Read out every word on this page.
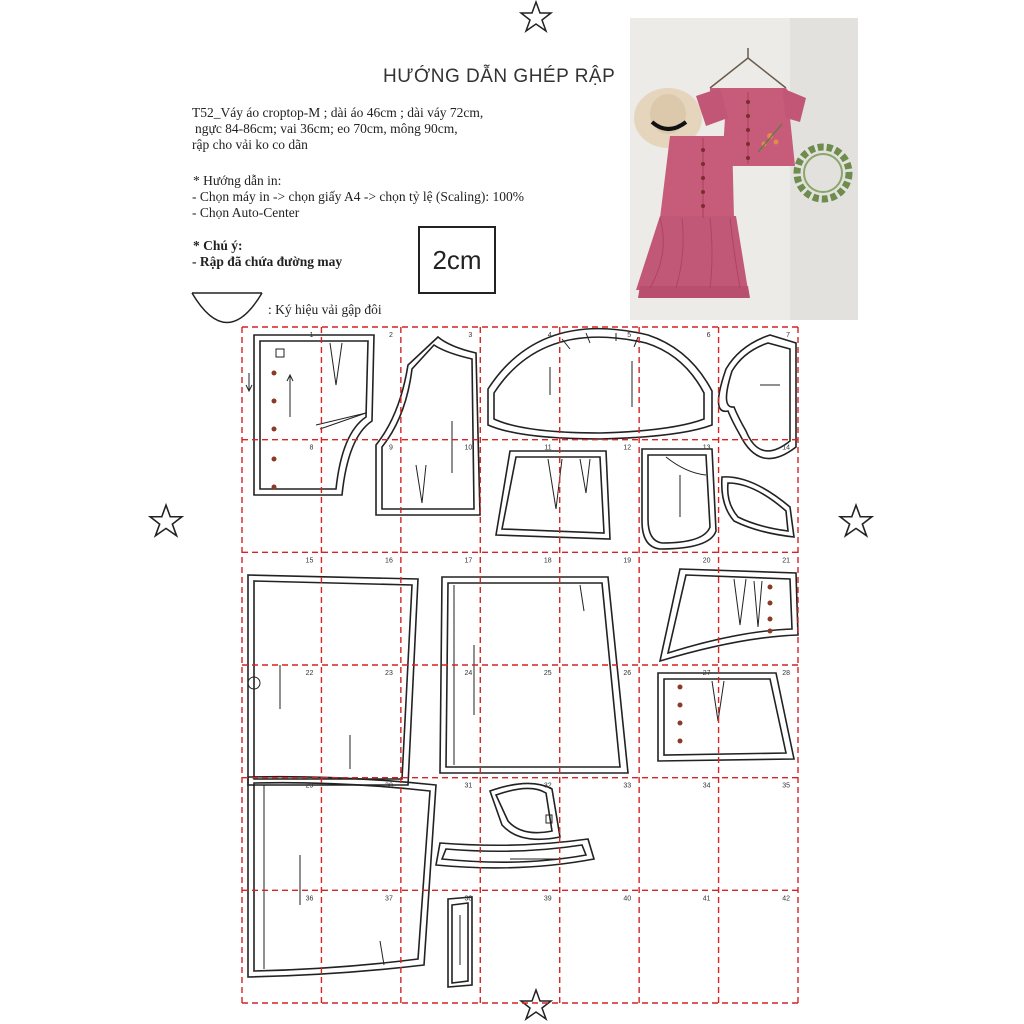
HƯỚNG DẪN GHÉP RẬP
T52_Váy áo croptop-M ; dài áo 46cm ; dài váy 72cm,
ngực 84-86cm; vai 36cm; eo 70cm, mông 90cm,
rập cho vải ko co dãn
* Hướng dẫn in:
- Chọn máy in -> chọn giấy A4 -> chọn tỷ lệ (Scaling): 100%
- Chọn Auto-Center
* Chú ý:
- Rập đã chứa đường may	2cm
: Ký hiệu vải gập đôi
1	2	3	4	5	6	7
8	9	10	11	12	13	14
15	16	17	18	19	20	21
22	23	24	25	26	27	28
29	30	31	32	33	34	35
36	37	38	39	40	41	42
